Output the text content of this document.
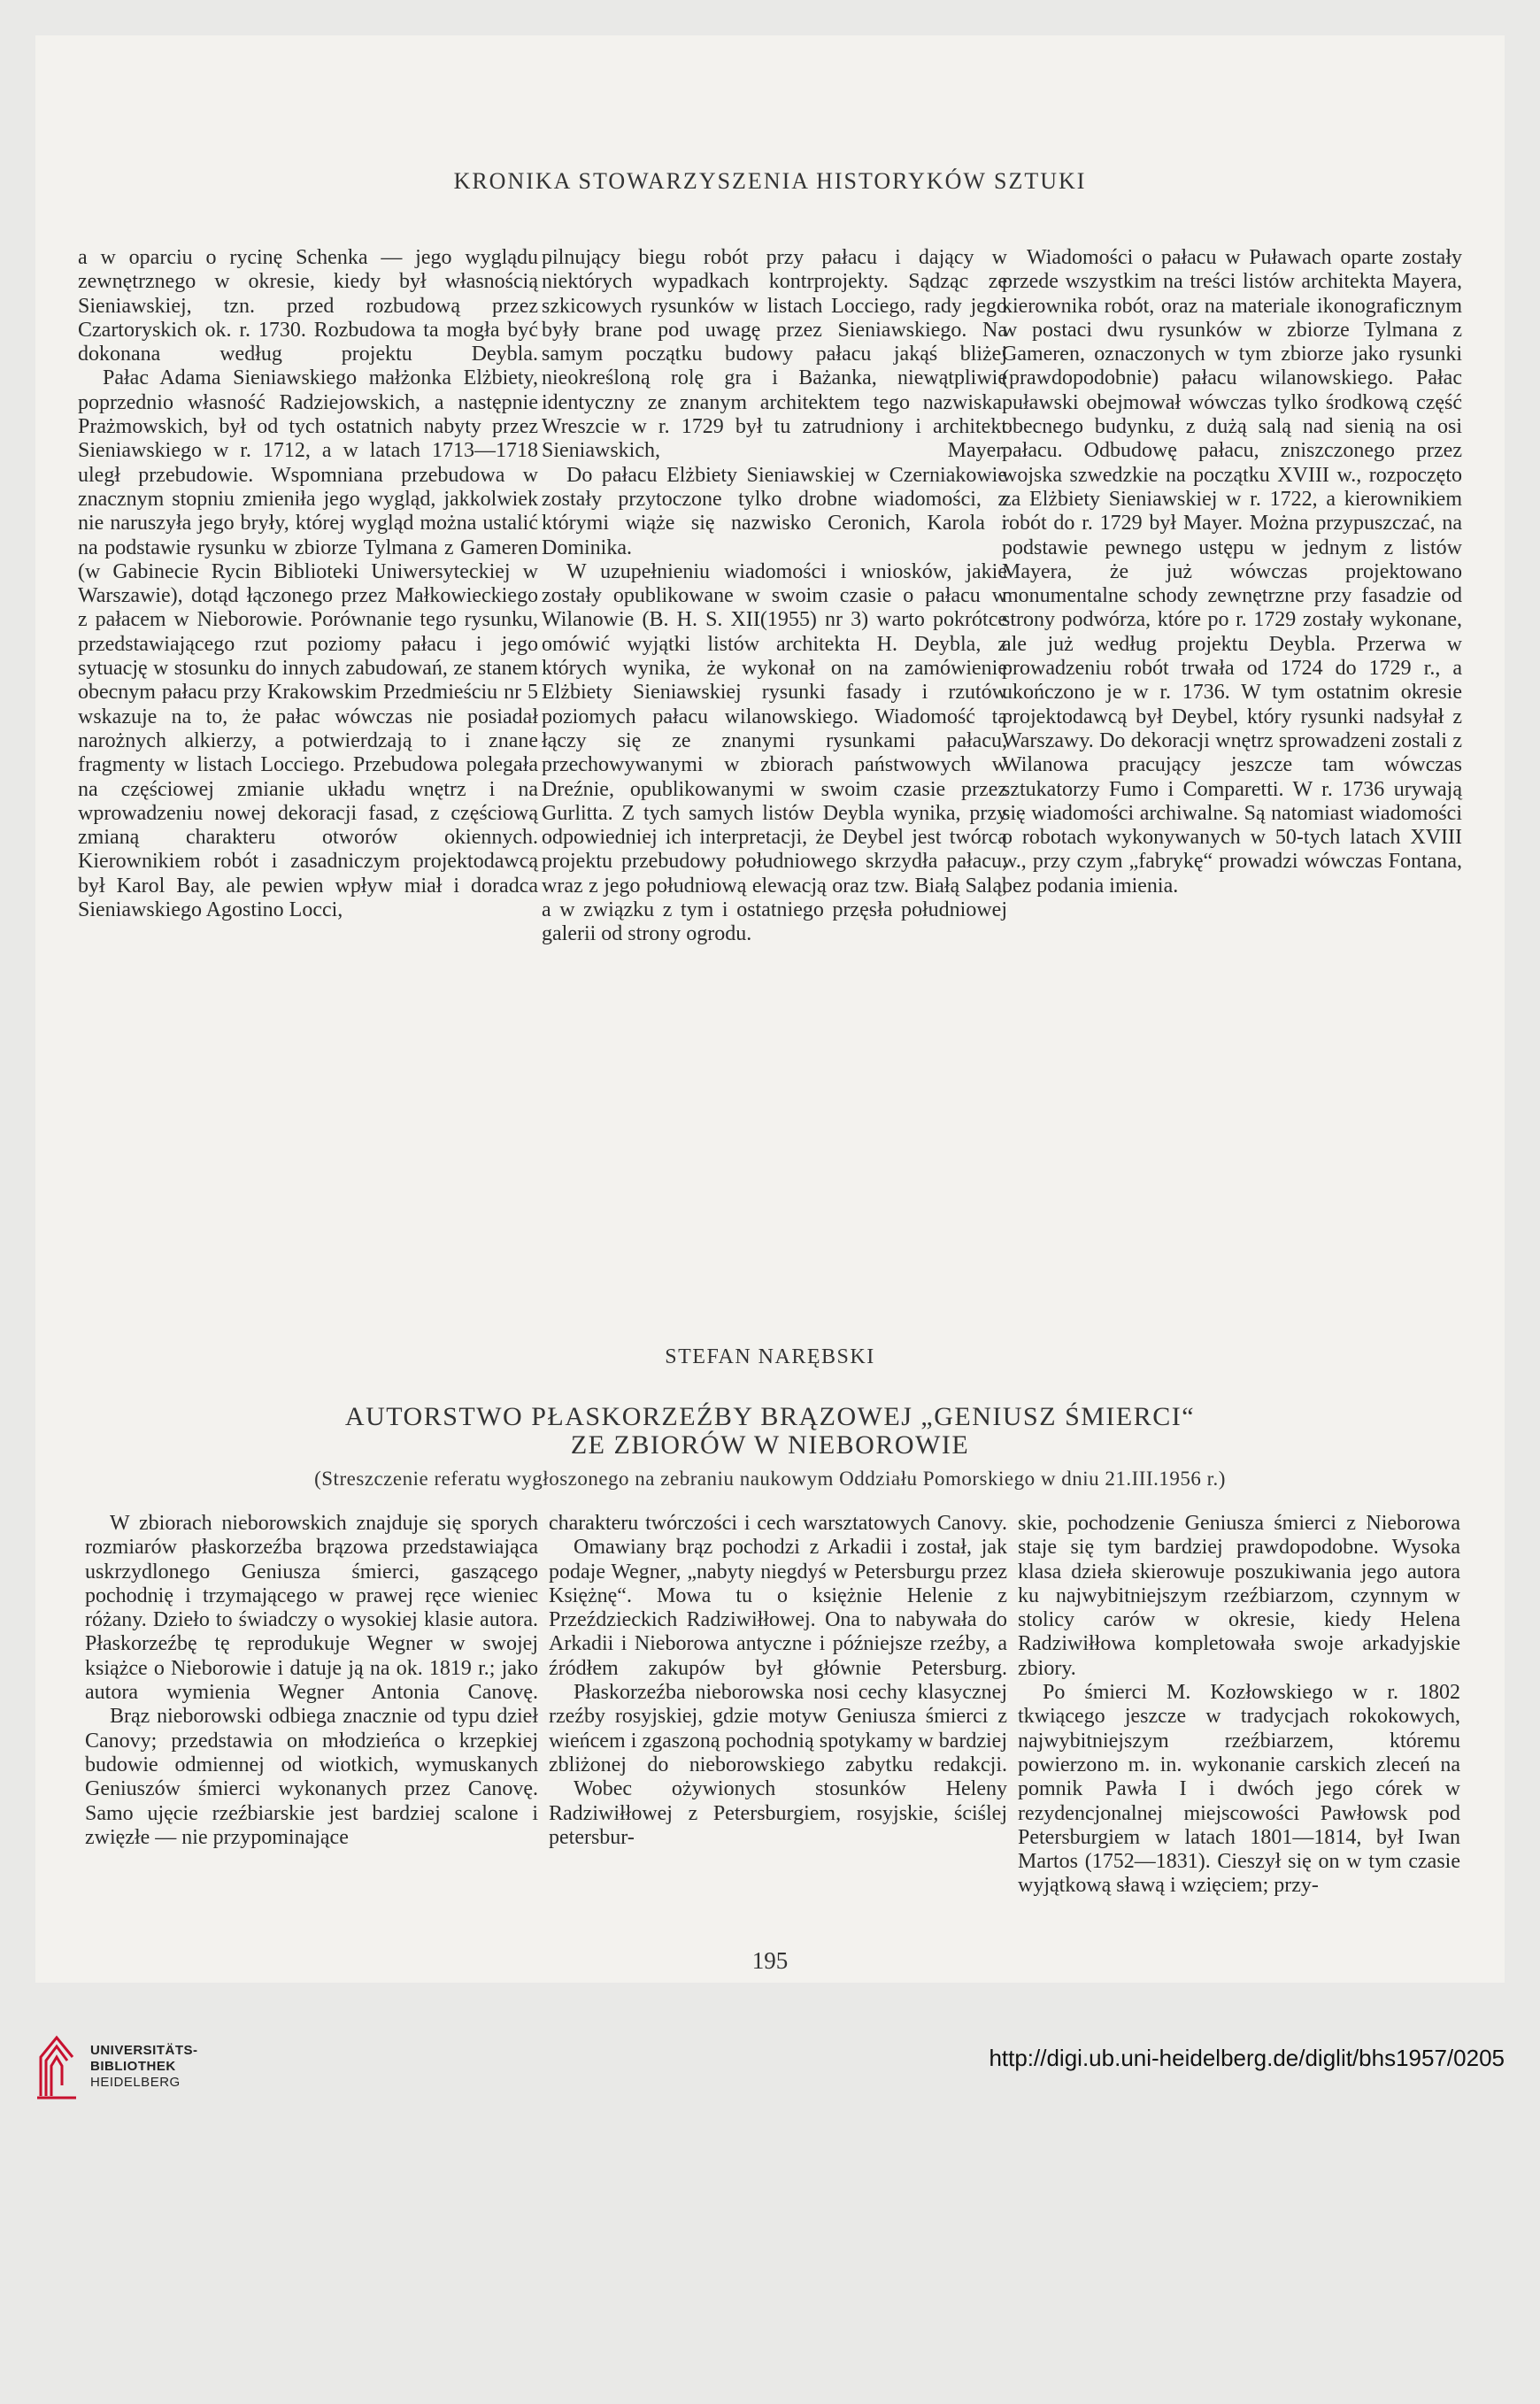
KRONIKA STOWARZYSZENIA HISTORYKÓW SZTUKI

a w oparciu o rycinę Schenka — jego wyglądu zewnętrznego w okresie, kiedy był własnością Sieniawskiej, tzn. przed rozbudową przez Czartoryskich ok. r. 1730. Rozbudowa ta mogła być dokonana według projektu Deybla.

Pałac Adama Sieniawskiego małżonka Elżbiety, poprzednio własność Radziejowskich, a następnie Prażmowskich, był od tych ostatnich nabyty przez Sieniawskiego w r. 1712, a w latach 1713—1718 uległ przebudowie. Wspomniana przebudowa w znacznym stopniu zmieniła jego wygląd, jakkolwiek nie naruszyła jego bryły, której wygląd można ustalić na podstawie rysunku w zbiorze Tylmana z Gameren (w Gabinecie Rycin Biblioteki Uniwersyteckiej w Warszawie), dotąd łączonego przez Małkowieckiego z pałacem w Nieborowie. Porównanie tego rysunku, przedstawiającego rzut poziomy pałacu i jego sytuację w stosunku do innych zabudowań, ze stanem obecnym pałacu przy Krakowskim Przedmieściu nr 5 wskazuje na to, że pałac wówczas nie posiadał narożnych alkierzy, a potwierdzają to i znane fragmenty w listach Locciego. Przebudowa polegała na częściowej zmianie układu wnętrz i na wprowadzeniu nowej dekoracji fasad, z częściową zmianą charakteru otworów okiennych. Kierownikiem robót i zasadniczym projektodawcą był Karol Bay, ale pewien wpływ miał i doradca Sieniawskiego Agostino Locci,

pilnujący biegu robót przy pałacu i dający w niektórych wypadkach kontrprojekty. Sądząc ze szkicowych rysunków w listach Locciego, rady jego były brane pod uwagę przez Sieniawskiego. Na samym początku budowy pałacu jakąś bliżej nieokreśloną rolę gra i Bażanka, niewątpliwie identyczny ze znanym architektem tego nazwiska. Wreszcie w r. 1729 był tu zatrudniony i architekt Sieniawskich, Mayer.

Do pałacu Elżbiety Sieniawskiej w Czerniakowie zostały przytoczone tylko drobne wiadomości, z którymi wiąże się nazwisko Ceronich, Karola i Dominika.

W uzupełnieniu wiadomości i wniosków, jakie zostały opublikowane w swoim czasie o pałacu w Wilanowie (B. H. S. XII(1955) nr 3) warto pokrótce omówić wyjątki listów architekta H. Deybla, z których wynika, że wykonał on na zamówienie Elżbiety Sieniawskiej rysunki fasady i rzutów poziomych pałacu wilanowskiego. Wiadomość ta łączy się ze znanymi rysunkami pałacu, przechowywanymi w zbiorach państwowych w Dreźnie, opublikowanymi w swoim czasie przez Gurlitta. Z tych samych listów Deybla wynika, przy odpowiedniej ich interpretacji, że Deybel jest twórcą projektu przebudowy południowego skrzydła pałacu, wraz z jego południową elewacją oraz tzw. Białą Salą, a w związku z tym i ostatniego przęsła południowej galerii od strony ogrodu.

Wiadomości o pałacu w Puławach oparte zostały przede wszystkim na treści listów architekta Mayera, kierownika robót, oraz na materiale ikonograficznym w postaci dwu rysunków w zbiorze Tylmana z Gameren, oznaczonych w tym zbiorze jako rysunki (prawdopodobnie) pałacu wilanowskiego. Pałac puławski obejmował wówczas tylko środkową część obecnego budynku, z dużą salą nad sienią na osi pałacu. Odbudowę pałacu, zniszczonego przez wojska szwedzkie na początku XVIII w., rozpoczęto za Elżbiety Sieniawskiej w r. 1722, a kierownikiem robót do r. 1729 był Mayer. Można przypuszczać, na podstawie pewnego ustępu w jednym z listów Mayera, że już wówczas projektowano monumentalne schody zewnętrzne przy fasadzie od strony podwórza, które po r. 1729 zostały wykonane, ale już według projektu Deybla. Przerwa w prowadzeniu robót trwała od 1724 do 1729 r., a ukończono je w r. 1736. W tym ostatnim okresie projektodawcą był Deybel, który rysunki nadsyłał z Warszawy. Do dekoracji wnętrz sprowadzeni zostali z Wilanowa pracujący jeszcze tam wówczas sztukatorzy Fumo i Comparetti. W r. 1736 urywają się wiadomości archiwalne. Są natomiast wiadomości o robotach wykonywanych w 50-tych latach XVIII w., przy czym „fabrykę“ prowadzi wówczas Fontana, bez podania imienia.

STEFAN NARĘBSKI
AUTORSTWO PŁASKORZEŹBY BRĄZOWEJ „GENIUSZ ŚMIERCI“
ZE ZBIORÓW W NIEBOROWIE
(Streszczenie referatu wygłoszonego na zebraniu naukowym Oddziału Pomorskiego w dniu 21.III.1956 r.)

W zbiorach nieborowskich znajduje się sporych rozmiarów płaskorzeźba brązowa przedstawiająca uskrzydlonego Geniusza śmierci, gaszącego pochodnię i trzymającego w prawej ręce wieniec różany. Dzieło to świadczy o wysokiej klasie autora. Płaskorzeźbę tę reprodukuje Wegner w swojej książce o Nieborowie i datuje ją na ok. 1819 r.; jako autora wymienia Wegner Antonia Canovę.

Brąz nieborowski odbiega znacznie od typu dzieł Canovy; przedstawia on młodzieńca o krzepkiej budowie odmiennej od wiotkich, wymuskanych Geniuszów śmierci wykonanych przez Canovę. Samo ujęcie rzeźbiarskie jest bardziej scalone i zwięzłe — nie przypominające

charakteru twórczości i cech warsztatowych Canovy.

Omawiany brąz pochodzi z Arkadii i został, jak podaje Wegner, „nabyty niegdyś w Petersburgu przez Księżnę“. Mowa tu o księżnie Helenie z Przeździeckich Radziwiłłowej. Ona to nabywała do Arkadii i Nieborowa antyczne i późniejsze rzeźby, a źródłem zakupów był głównie Petersburg.

Płaskorzeźba nieborowska nosi cechy klasycznej rzeźby rosyjskiej, gdzie motyw Geniusza śmierci z wieńcem i zgaszoną pochodnią spotykamy w bardziej zbliżonej do nieborowskiego zabytku redakcji.

Wobec ożywionych stosunków Heleny Radziwiłłowej z Petersburgiem, rosyjskie, ściślej petersbur-

skie, pochodzenie Geniusza śmierci z Nieborowa staje się tym bardziej prawdopodobne. Wysoka klasa dzieła skierowuje poszukiwania jego autora ku najwybitniejszym rzeźbiarzom, czynnym w stolicy carów w okresie, kiedy Helena Radziwiłłowa kompletowała swoje arkadyjskie zbiory.

Po śmierci M. Kozłowskiego w r. 1802 tkwiącego jeszcze w tradycjach rokokowych, najwybitniejszym rzeźbiarzem, któremu powierzono m. in. wykonanie carskich zleceń na pomnik Pawła I i dwóch jego córek w rezydencjonalnej miejscowości Pawłowsk pod Petersburgiem w latach 1801—1814, był Iwan Martos (1752—1831). Cieszył się on w tym czasie wyjątkową sławą i wzięciem; przy-

195
UNIVERSITÄTS-
BIBLIOTHEK
HEIDELBERG
http://digi.ub.uni-heidelberg.de/diglit/bhs1957/0205
